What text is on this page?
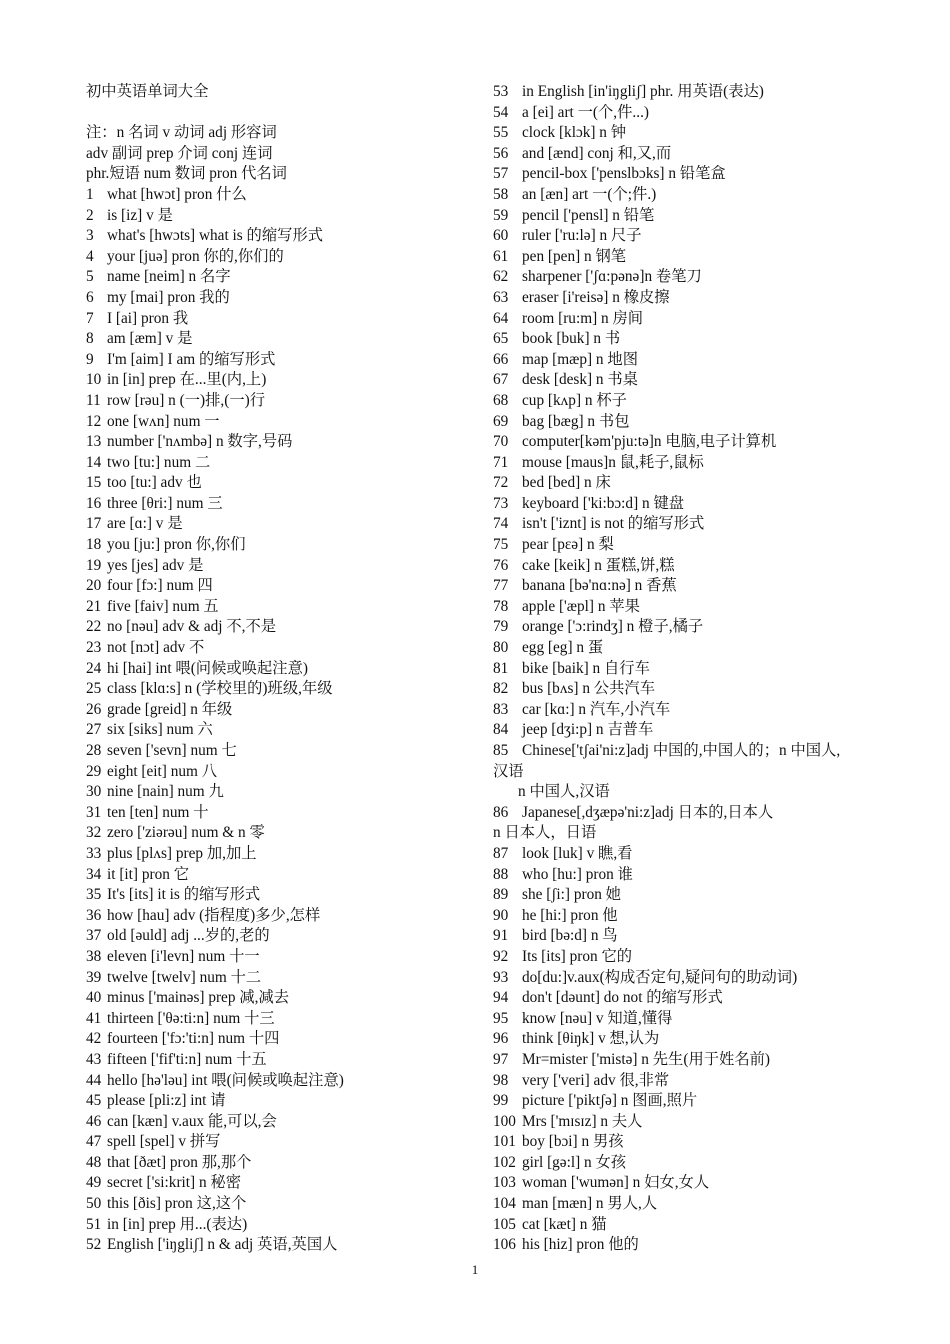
初中英语单词大全
注：n 名词 v 动词 adj 形容词
adv 副词 prep 介词 conj 连词
phr.短语 num 数词 pron 代名词
1 what [hwɔt] pron 什么
2 is [iz] v 是
3 what's [hwɔts] what is 的缩写形式
4 your [juə] pron 你的,你们的
5 name [neim] n 名字
6 my [mai] pron 我的
7 I [ai] pron 我
8 am [æm] v 是
9 I'm [aim] I am 的缩写形式
10 in [in] prep 在...里(内,上)
11 row [rəu] n (一)排,(一)行
12 one [wʌn] num 一
13 number ['nʌmbə] n 数字,号码
14 two [tu:] num 二
15 too [tu:] adv 也
16 three [θri:] num 三
17 are [ɑ:] v 是
18 you [ju:] pron 你,你们
19 yes [jes] adv 是
20 four [fɔ:] num 四
21 five [faiv] num 五
22 no [nəu] adv & adj 不,不是
23 not [nɔt] adv 不
24 hi [hai] int 喂(问候或唤起注意)
25 class [klɑ:s] n (学校里的)班级,年级
26 grade [greid] n 年级
27 six [siks] num 六
28 seven ['sevn] num 七
29 eight [eit] num 八
30 nine [nain] num 九
31 ten [ten] num 十
32 zero ['ziərəu] num & n 零
33 plus [plʌs] prep 加,加上
34 it [it] pron 它
35 It's [its] it is 的缩写形式
36 how [hau] adv (指程度)多少,怎样
37 old [əuld] adj ...岁的,老的
38 eleven [i'levn] num 十一
39 twelve [twelv] num 十二
40 minus ['mainəs] prep 减,减去
41 thirteen ['θə:ti:n] num 十三
42 fourteen ['fɔ:'ti:n] num 十四
43 fifteen ['fif'ti:n] num 十五
44 hello [hə'ləu] int 喂(问候或唤起注意)
45 please [pli:z] int 请
46 can [kæn] v.aux 能,可以,会
47 spell [spel] v 拼写
48 that [ðæt] pron 那,那个
49 secret ['si:krit] n 秘密
50 this [ðis] pron 这,这个
51 in [in] prep 用...(表达)
52 English ['iŋgliʃ] n & adj 英语,英国人
53 in English [in'iŋgliʃ] phr. 用英语(表达)
54 a [ei] art 一(个,件...)
55 clock [klɔk] n 钟
56 and [ænd] conj 和,又,而
57 pencil-box ['penslbɔks] n 铅笔盒
58 an [æn] art 一(个;件.)
59 pencil ['pensl] n 铅笔
60 ruler ['ru:lə] n 尺子
61 pen [pen] n 钢笔
62 sharpener ['ʃɑ:pənə]n 卷笔刀
63 eraser [i'reisə] n 橡皮擦
64 room [ru:m] n 房间
65 book [buk] n 书
66 map [mæp] n 地图
67 desk [desk] n 书桌
68 cup [kʌp] n 杯子
69 bag [bæg] n 书包
70 computer[kəm'pju:tə]n 电脑,电子计算机
71 mouse [maus]n 鼠,耗子,鼠标
72 bed [bed] n 床
73 keyboard ['ki:bɔ:d] n 键盘
74 isn't ['iznt] is not 的缩写形式
75 pear [pɛə] n 梨
76 cake [keik] n 蛋糕,饼,糕
77 banana [bə'nɑ:nə] n 香蕉
78 apple ['æpl] n 苹果
79 orange ['ɔ:rindʒ] n 橙子,橘子
80 egg [eg] n 蛋
81 bike [baik] n 自行车
82 bus [bʌs] n 公共汽车
83 car [kɑ:] n 汽车,小汽车
84 jeep [dʒi:p] n 吉普车
85 Chinese['tʃai'ni:z]adj 中国的,中国人的；n 中国人,
汉语
n 中国人,汉语
86 Japanese[,dʒæpə'ni:z]adj 日本的,日本人
n 日本人，日语
87 look [luk] v 瞧,看
88 who [hu:] pron 谁
89 she [ʃi:] pron 她
90 he [hi:] pron 他
91 bird [bə:d] n 鸟
92 Its [its] pron 它的
93 do[du:]v.aux(构成否定句,疑问句的助动词)
94 don't [dəunt] do not 的缩写形式
95 know [nəu] v 知道,懂得
96 think [θiŋk] v 想,认为
97 Mr=mister ['mistə] n 先生(用于姓名前)
98 very ['veri] adv 很,非常
99 picture ['piktʃə] n 图画,照片
100 Mrs ['mɪsɪz] n 夫人
101 boy [bɔi] n 男孩
102 girl [gə:l] n 女孩
103 woman ['wumən] n 妇女,女人
104 man [mæn] n 男人,人
105 cat [kæt] n 猫
106 his [hiz] pron 他的
1
